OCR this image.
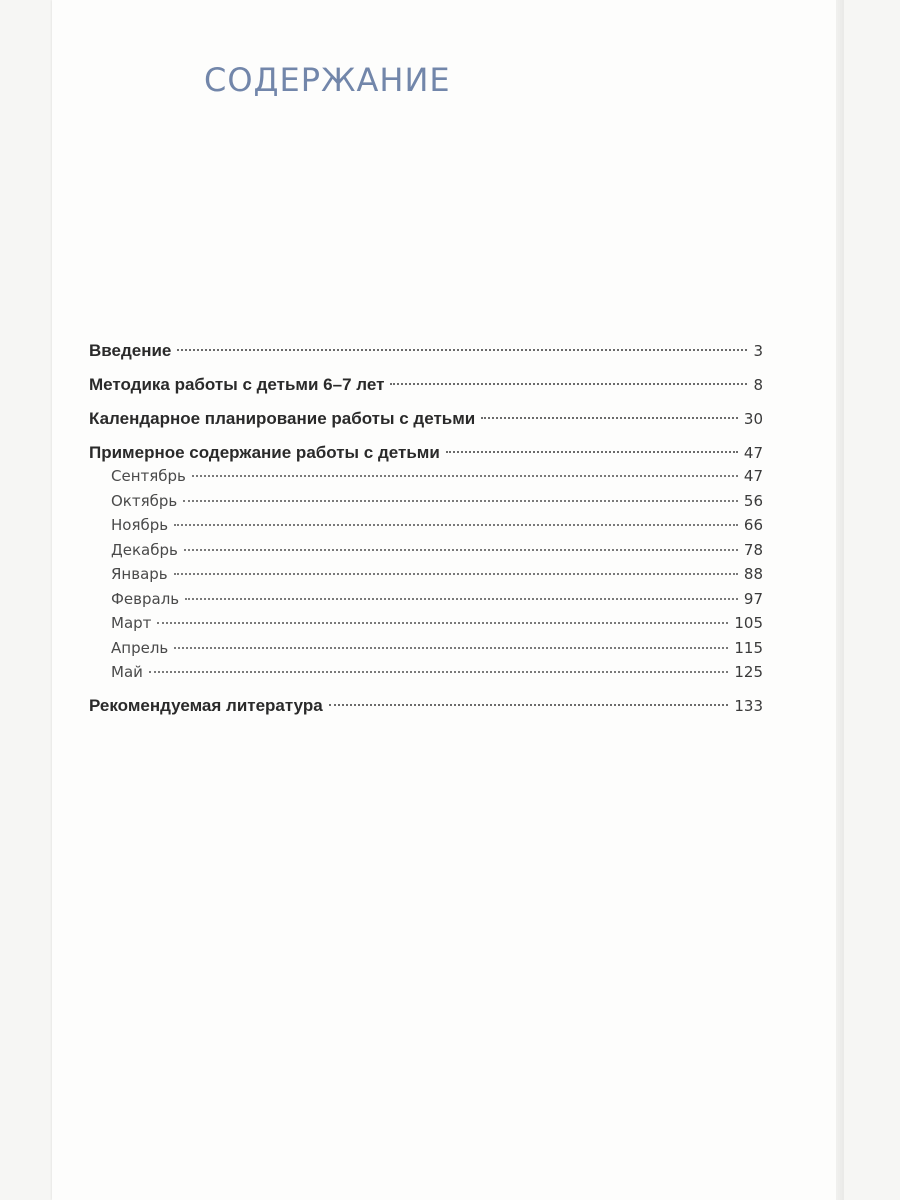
СОДЕРЖАНИЕ
Введение	3
Методика работы с детьми 6–7 лет	8
Календарное планирование работы с детьми	30
Примерное содержание работы с детьми	47
Сентябрь	47
Октябрь	56
Ноябрь	66
Декабрь	78
Январь	88
Февраль	97
Март	105
Апрель	115
Май	125
Рекомендуемая литература	133
